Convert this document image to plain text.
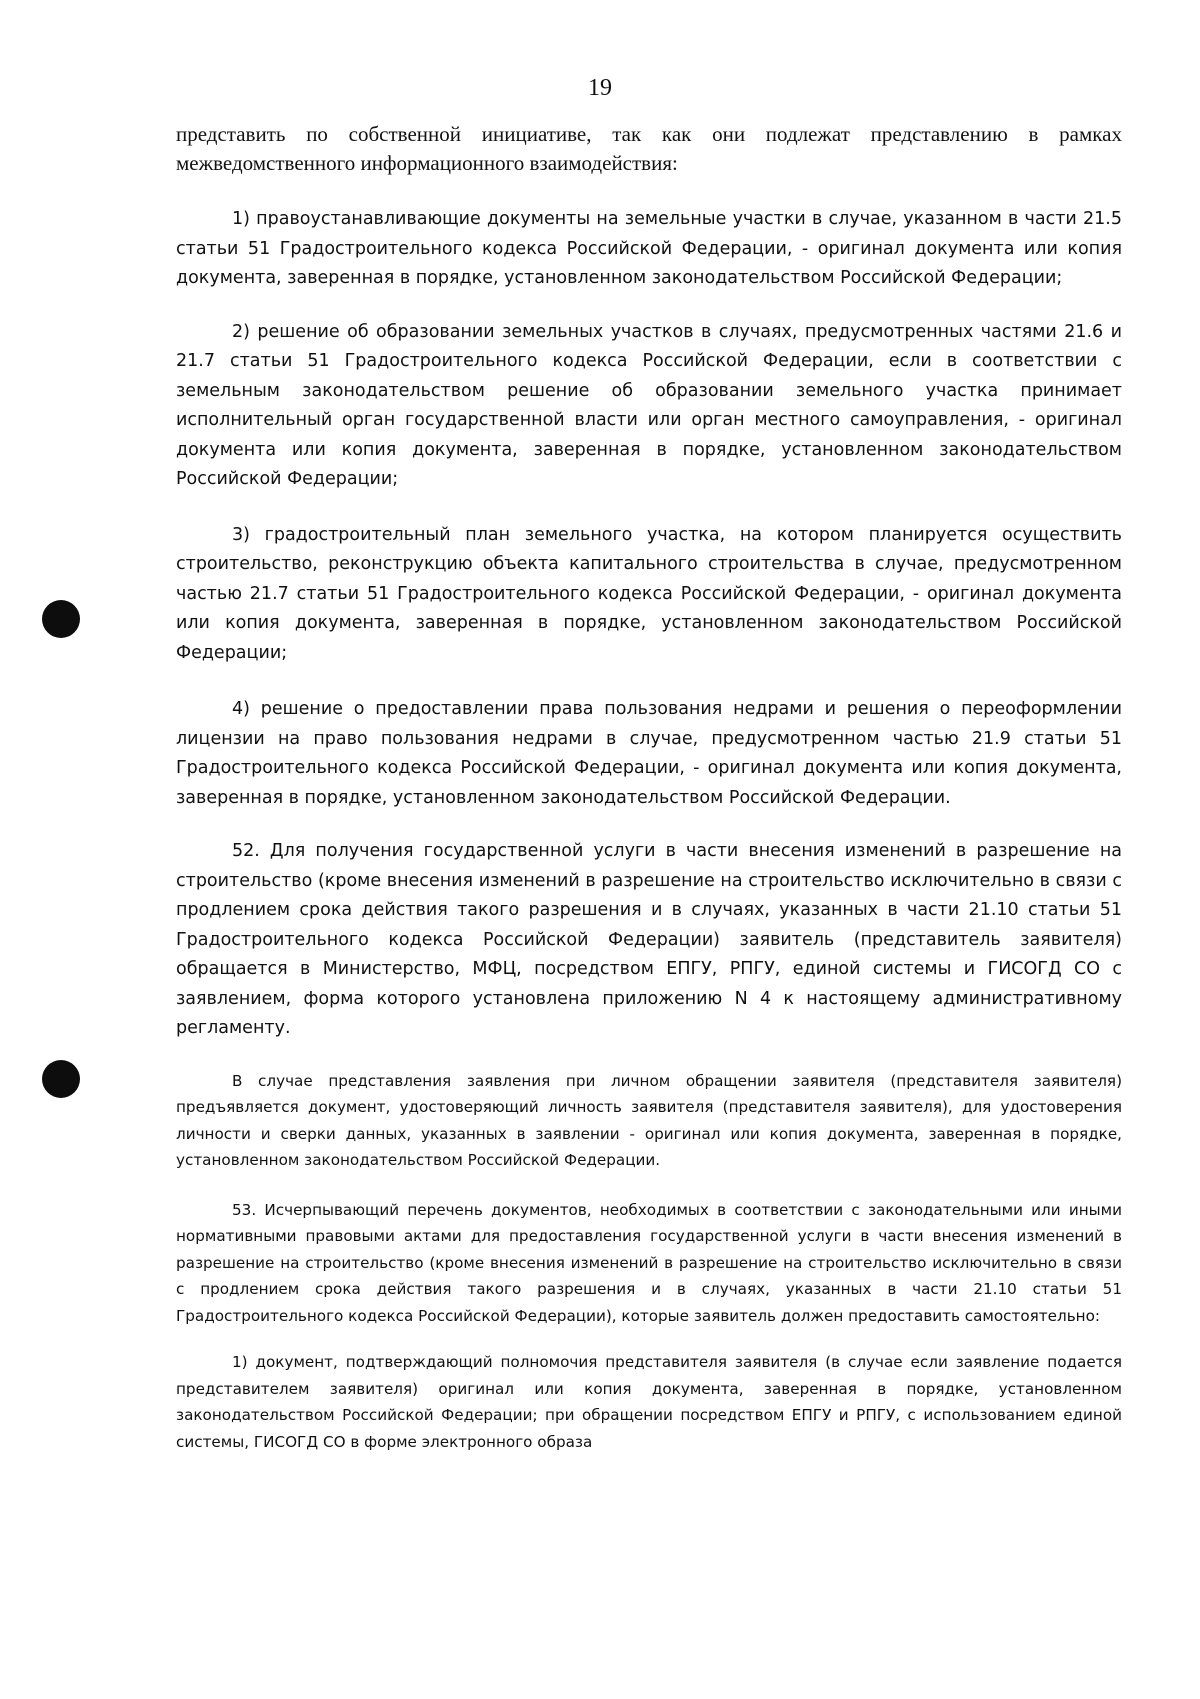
19

представить по собственной инициативе, так как они подлежат представлению в рамках межведомственного информационного взаимодействия:

1) правоустанавливающие документы на земельные участки в случае, указанном в части 21.5 статьи 51 Градостроительного кодекса Российской Федерации, - оригинал документа или копия документа, заверенная в порядке, установленном законодательством Российской Федерации;

2) решение об образовании земельных участков в случаях, предусмотренных частями 21.6 и 21.7 статьи 51 Градостроительного кодекса Российской Федерации, если в соответствии с земельным законодательством решение об образовании земельного участка принимает исполнительный орган государственной власти или орган местного самоуправления, - оригинал документа или копия документа, заверенная в порядке, установленном законодательством Российской Федерации;

3) градостроительный план земельного участка, на котором планируется осуществить строительство, реконструкцию объекта капитального строительства в случае, предусмотренном частью 21.7 статьи 51 Градостроительного кодекса Российской Федерации, - оригинал документа или копия документа, заверенная в порядке, установленном законодательством Российской Федерации;

4) решение о предоставлении права пользования недрами и решения о переоформлении лицензии на право пользования недрами в случае, предусмотренном частью 21.9 статьи 51 Градостроительного кодекса Российской Федерации, - оригинал документа или копия документа, заверенная в порядке, установленном законодательством Российской Федерации.

52. Для получения государственной услуги в части внесения изменений в разрешение на строительство (кроме внесения изменений в разрешение на строительство исключительно в связи с продлением срока действия такого разрешения и в случаях, указанных в части 21.10 статьи 51 Градостроительного кодекса Российской Федерации) заявитель (представитель заявителя) обращается в Министерство, МФЦ, посредством ЕПГУ, РПГУ, единой системы и ГИСОГД СО с заявлением, форма которого установлена приложению N 4 к настоящему административному регламенту.

В случае представления заявления при личном обращении заявителя (представителя заявителя) предъявляется документ, удостоверяющий личность заявителя (представителя заявителя), для удостоверения личности и сверки данных, указанных в заявлении - оригинал или копия документа, заверенная в порядке, установленном законодательством Российской Федерации.

53. Исчерпывающий перечень документов, необходимых в соответствии с законодательными или иными нормативными правовыми актами для предоставления государственной услуги в части внесения изменений в разрешение на строительство (кроме внесения изменений в разрешение на строительство исключительно в связи с продлением срока действия такого разрешения и в случаях, указанных в части 21.10 статьи 51 Градостроительного кодекса Российской Федерации), которые заявитель должен предоставить самостоятельно:

1) документ, подтверждающий полномочия представителя заявителя (в случае если заявление подается представителем заявителя) оригинал или копия документа, заверенная в порядке, установленном законодательством Российской Федерации; при обращении посредством ЕПГУ и РПГУ, с использованием единой системы, ГИСОГД СО в форме электронного образа
